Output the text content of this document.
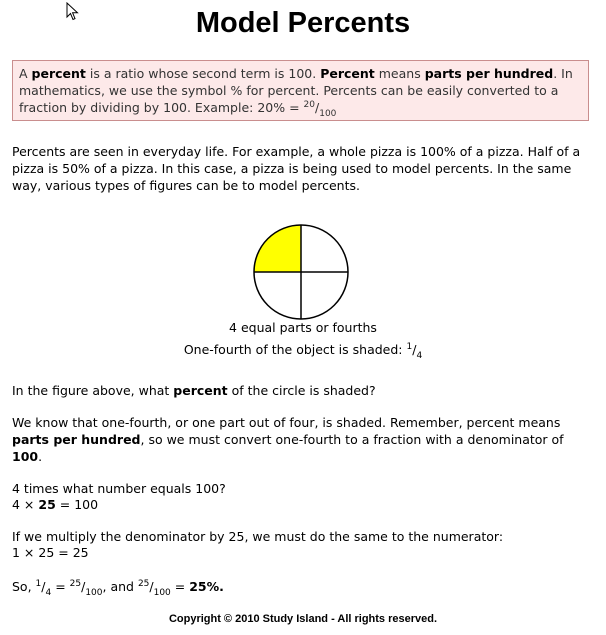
Model Percents
A percent is a ratio whose second term is 100. Percent means parts per hundred. In mathematics, we use the symbol % for percent. Percents can be easily converted to a fraction by dividing by 100. Example: $20\% = ^{20}/_{100}$

Percents are seen in everyday life. For example, a whole pizza is 100% of a pizza. Half of a pizza is 50% of a pizza. In this case, a pizza is being used to model percents. In the same way, various types of figures can be to model percents.

4 equal parts or fourths

One-fourth of the object is shaded: $^1/_4$

In the figure above, what percent of the circle is shaded?

We know that one-fourth, or one part out of four, is shaded. Remember, percent means parts per hundred, so we must convert one-fourth to a fraction with a denominator of 100.

4 times what number equals 100?

4 × 25 = 100

If we multiply the denominator by 25, we must do the same to the numerator:

1 × 25 = 25

So, $^1/_4 = ^{25}/_{100}$, and $^{25}/_{100} = 25\%$.

Copyright © 2010 Study Island - All rights reserved.
